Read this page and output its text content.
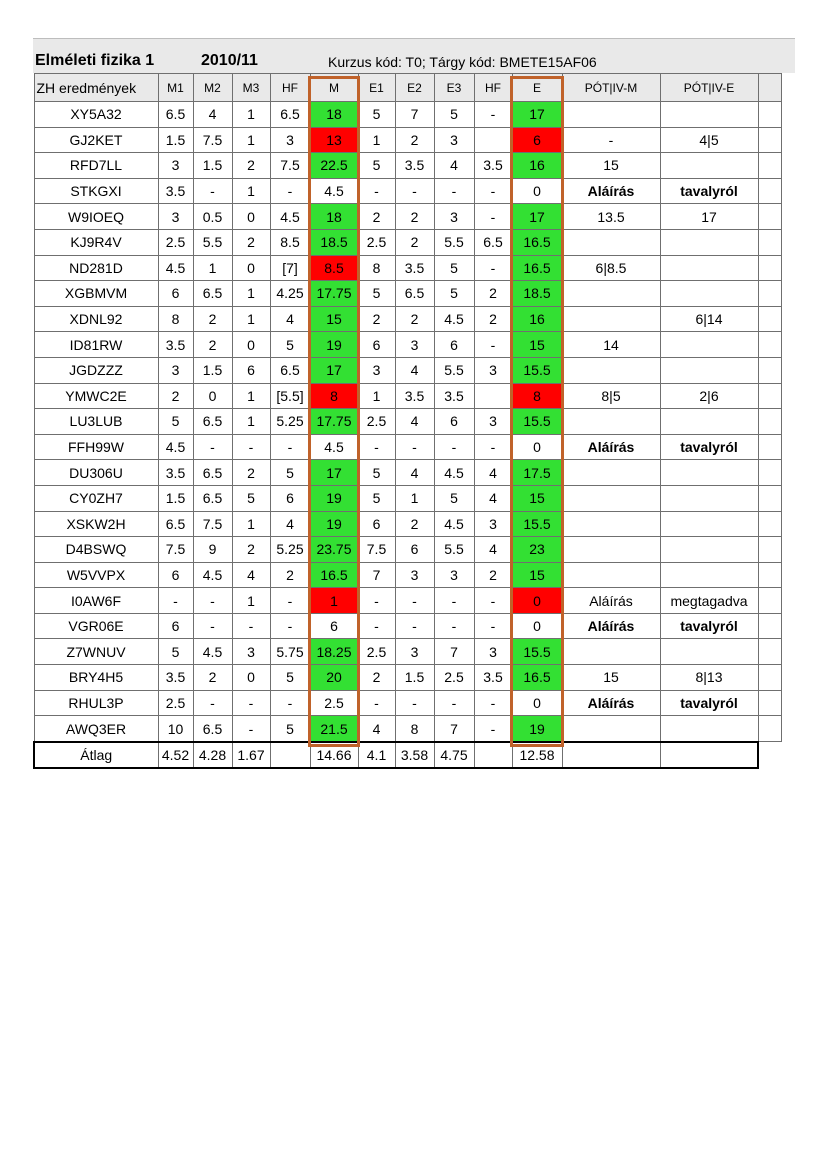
Elméleti fizika 1	2010/11	Kurzus kód: T0; Tárgy kód: BMETE15AF06
ZH eredmények	M1	M2	M3	HF	M	E1	E2	E3	HF	E	PÓT|IV-M	PÓT|IV-E	
XY5A32	6.5	4	1	6.5	18	5	7	5	-	17			
GJ2KET	1.5	7.5	1	3	13	1	2	3		6	-	4|5	
RFD7LL	3	1.5	2	7.5	22.5	5	3.5	4	3.5	16	15		
STKGXI	3.5	-	1	-	4.5	-	-	-	-	0	Aláírás	tavalyról	
W9IOEQ	3	0.5	0	4.5	18	2	2	3	-	17	13.5	17	
KJ9R4V	2.5	5.5	2	8.5	18.5	2.5	2	5.5	6.5	16.5			
ND281D	4.5	1	0	[7]	8.5	8	3.5	5	-	16.5	6|8.5		
XGBMVM	6	6.5	1	4.25	17.75	5	6.5	5	2	18.5			
XDNL92	8	2	1	4	15	2	2	4.5	2	16		6|14	
ID81RW	3.5	2	0	5	19	6	3	6	-	15	14		
JGDZZZ	3	1.5	6	6.5	17	3	4	5.5	3	15.5			
YMWC2E	2	0	1	[5.5]	8	1	3.5	3.5		8	8|5	2|6	
LU3LUB	5	6.5	1	5.25	17.75	2.5	4	6	3	15.5			
FFH99W	4.5	-	-	-	4.5	-	-	-	-	0	Aláírás	tavalyról	
DU306U	3.5	6.5	2	5	17	5	4	4.5	4	17.5			
CY0ZH7	1.5	6.5	5	6	19	5	1	5	4	15			
XSKW2H	6.5	7.5	1	4	19	6	2	4.5	3	15.5			
D4BSWQ	7.5	9	2	5.25	23.75	7.5	6	5.5	4	23			
W5VVPX	6	4.5	4	2	16.5	7	3	3	2	15			
I0AW6F	-	-	1	-	1	-	-	-	-	0	Aláírás	megtagadva	
VGR06E	6	-	-	-	6	-	-	-	-	0	Aláírás	tavalyról	
Z7WNUV	5	4.5	3	5.75	18.25	2.5	3	7	3	15.5			
BRY4H5	3.5	2	0	5	20	2	1.5	2.5	3.5	16.5	15	8|13	
RHUL3P	2.5	-	-	-	2.5	-	-	-	-	0	Aláírás	tavalyról	
AWQ3ER	10	6.5	-	5	21.5	4	8	7	-	19			
Átlag	4.52	4.28	1.67		14.66	4.1	3.58	4.75		12.58			
